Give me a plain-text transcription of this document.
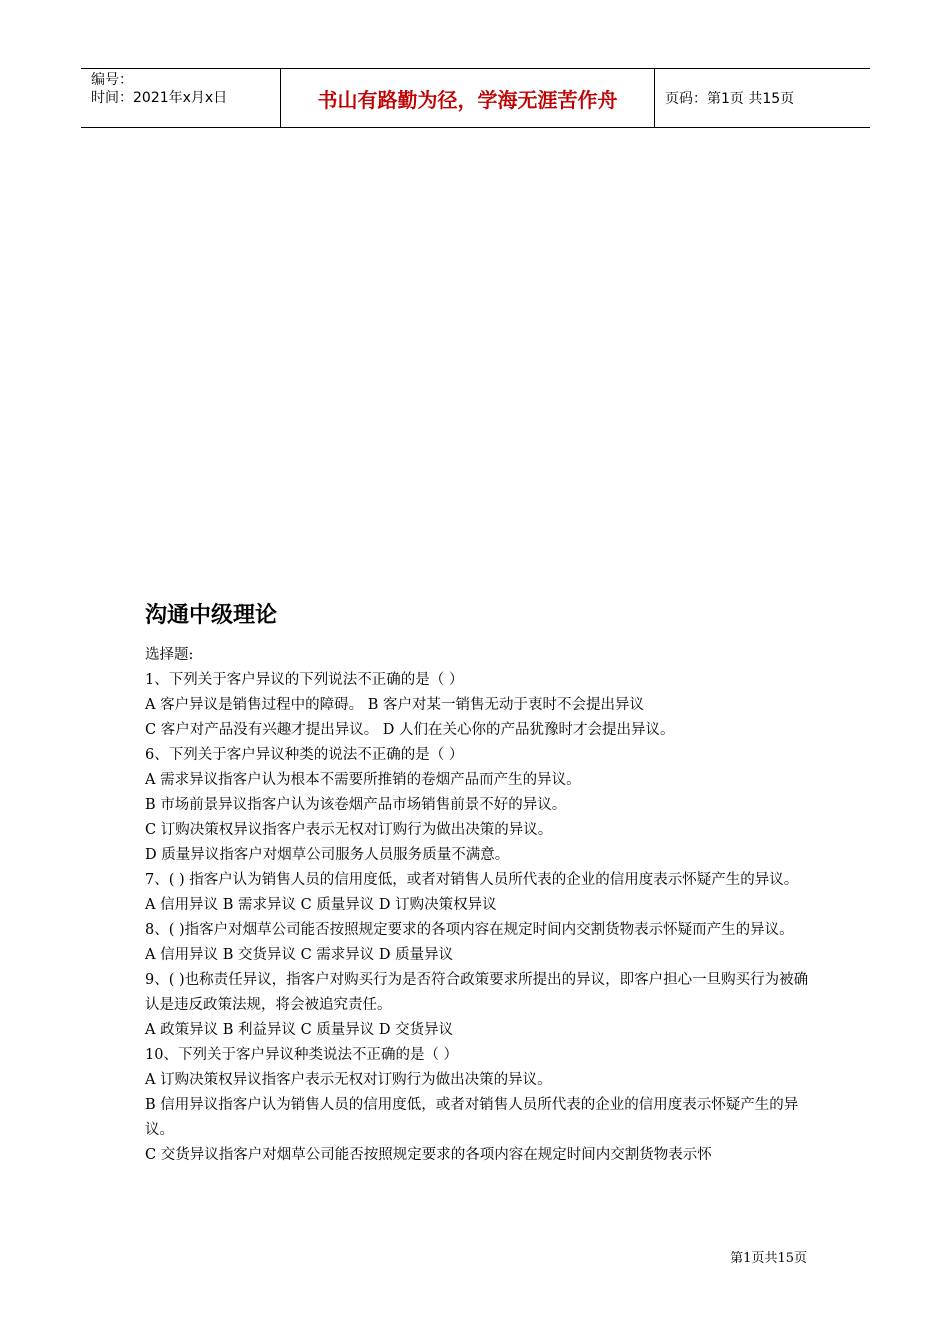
编号：
时间：2021年x月x日	书山有路勤为径，学海无涯苦作舟	页码：第1页 共15页
沟通中级理论

选择题:

1、下列关于客户异议的下列说法不正确的是（ ）

A 客户异议是销售过程中的障碍。 B 客户对某一销售无动于衷时不会提出异议

C 客户对产品没有兴趣才提出异议。 D 人们在关心你的产品犹豫时才会提出异议。

6、下列关于客户异议种类的说法不正确的是（ ）

A 需求异议指客户认为根本不需要所推销的卷烟产品而产生的异议。

B 市场前景异议指客户认为该卷烟产品市场销售前景不好的异议。

C 订购决策权异议指客户表示无权对订购行为做出决策的异议。

D 质量异议指客户对烟草公司服务人员服务质量不满意。

7、( ) 指客户认为销售人员的信用度低，或者对销售人员所代表的企业的信用度表示怀疑产生的异议。

A 信用异议 B 需求异议 C 质量异议 D 订购决策权异议

8、( )指客户对烟草公司能否按照规定要求的各项内容在规定时间内交割货物表示怀疑而产生的异议。

A 信用异议 B 交货异议 C 需求异议 D 质量异议

9、( )也称责任异议，指客户对购买行为是否符合政策要求所提出的异议，即客户担心一旦购买行为被确认是违反政策法规，将会被追究责任。

A 政策异议 B 利益异议 C 质量异议 D 交货异议

10、下列关于客户异议种类说法不正确的是（ ）

A 订购决策权异议指客户表示无权对订购行为做出决策的异议。

B 信用异议指客户认为销售人员的信用度低，或者对销售人员所代表的企业的信用度表示怀疑产生的异议。

C 交货异议指客户对烟草公司能否按照规定要求的各项内容在规定时间内交割货物表示怀

第1页共15页
